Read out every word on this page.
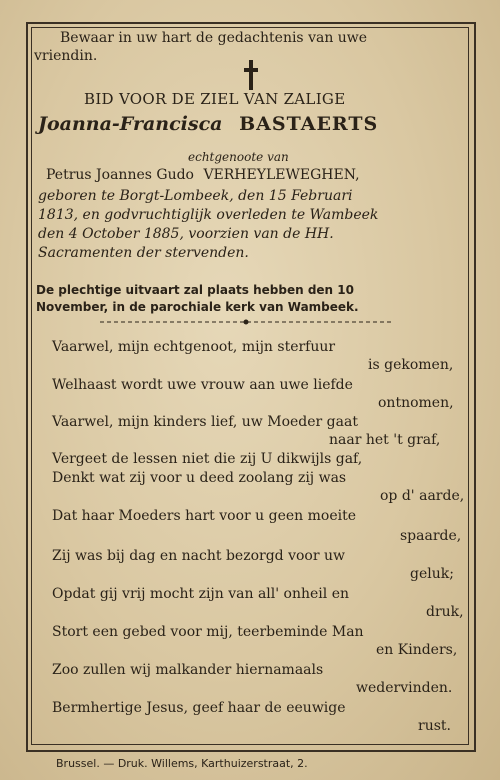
Bewaar in uw hart de gedachtenis van uwe
vriendin.
BID VOOR DE ZIEL VAN ZALIGE
Joanna-Francisca BASTAERTS
echtgenoote van
Petrus Joannes Gudo VERHEYLEWEGHEN,
geboren te Borgt-Lombeek, den 15 Februari
1813, en godvruchtiglijk overleden te Wambeek
den 4 October 1885, voorzien van de HH.
Sacramenten der stervenden.
De plechtige uitvaart zal plaats hebben den 10
November, in de parochiale kerk van Wambeek.
Vaarwel, mijn echtgenoot, mijn sterfuur
is gekomen,
Welhaast wordt uwe vrouw aan uwe liefde
ontnomen,
Vaarwel, mijn kinders lief, uw Moeder gaat
naar het 't graf,
Vergeet de lessen niet die zij U dikwijls gaf,
Denkt wat zij voor u deed zoolang zij was
op d' aarde,
Dat haar Moeders hart voor u geen moeite
spaarde,
Zij was bij dag en nacht bezorgd voor uw
geluk;
Opdat gij vrij mocht zijn van all' onheil en
druk,
Stort een gebed voor mij, teerbeminde Man
en Kinders,
Zoo zullen wij malkander hiernamaals
wedervinden.
Bermhertige Jesus, geef haar de eeuwige
rust.
Brussel. — Druk. Willems, Karthuizerstraat, 2.
